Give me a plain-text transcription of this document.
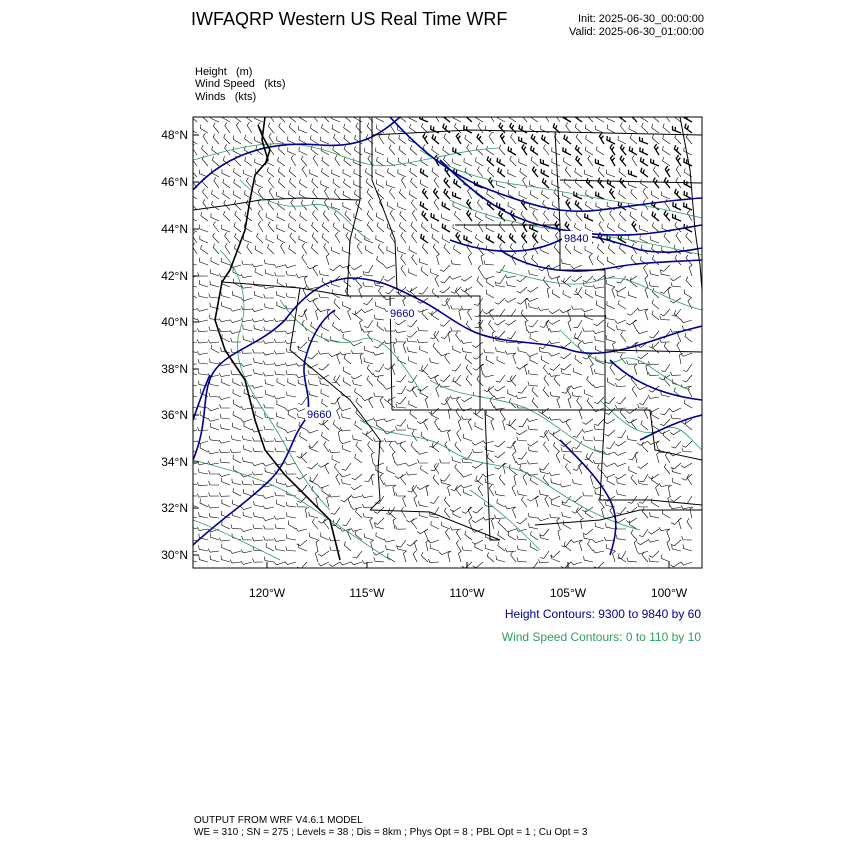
IWFAQRP Western US Real Time WRF	Init: 2025-06-30_00:00:00
Valid: 2025-06-30_01:00:00
Height (m)
Wind Speed (kts)
Winds (kts)
48°N
46°N
44°N
42°N
40°N
38°N
36°N
34°N
32°N
30°N
120°W	115°W	110°W	105°W	100°W
9840
9660
9660
Height Contours: 9300 to 9840 by 60
Wind Speed Contours: 0 to 110 by 10
OUTPUT FROM WRF V4.6.1 MODEL
WE = 310 ; SN = 275 ; Levels = 38 ; Dis = 8km ; Phys Opt = 8 ; PBL Opt = 1 ; Cu Opt = 3
